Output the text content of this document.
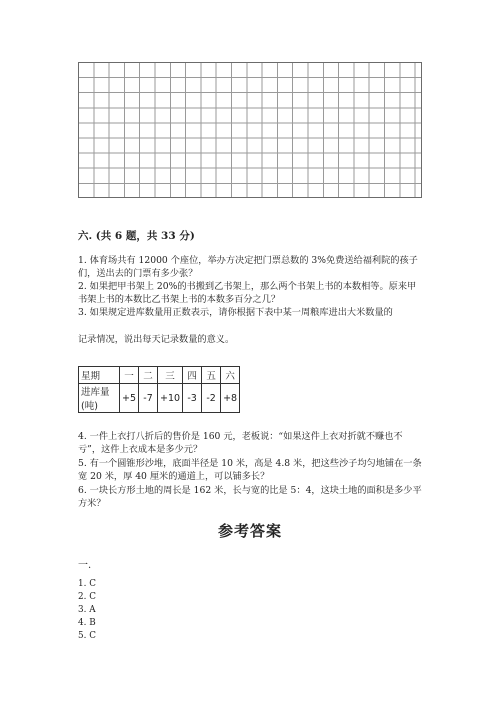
六. (共 6 题，共 33 分)
1. 体育场共有 12000 个座位，举办方决定把门票总数的 3%免费送给福利院的孩子们，送出去的门票有多少张？
2. 如果把甲书架上 20%的书搬到乙书架上，那么两个书架上书的本数相等。原来甲书架上书的本数比乙书架上书的本数多百分之几？
3. 如果规定进库数量用正数表示，请你根据下表中某一周粮库进出大米数量的
记录情况，说出每天记录数量的意义。
星期	一	二	三	四	五	六
进库量(吨)	+5	-7	+10	-3	-2	+8
4. 一件上衣打八折后的售价是 160 元，老板说：“如果这件上衣对折就不赚也不亏”，这件上衣成本是多少元？
5. 有一个圆锥形沙堆，底面半径是 10 米，高是 4.8 米，把这些沙子均匀地铺在一条宽 20 米，厚 40 厘米的通道上，可以铺多长？
6. 一块长方形土地的周长是 162 米，长与宽的比是 5：4，这块土地的面积是多少平方米？
参考答案
一.
1. C
2. C
3. A
4. B
5. C
